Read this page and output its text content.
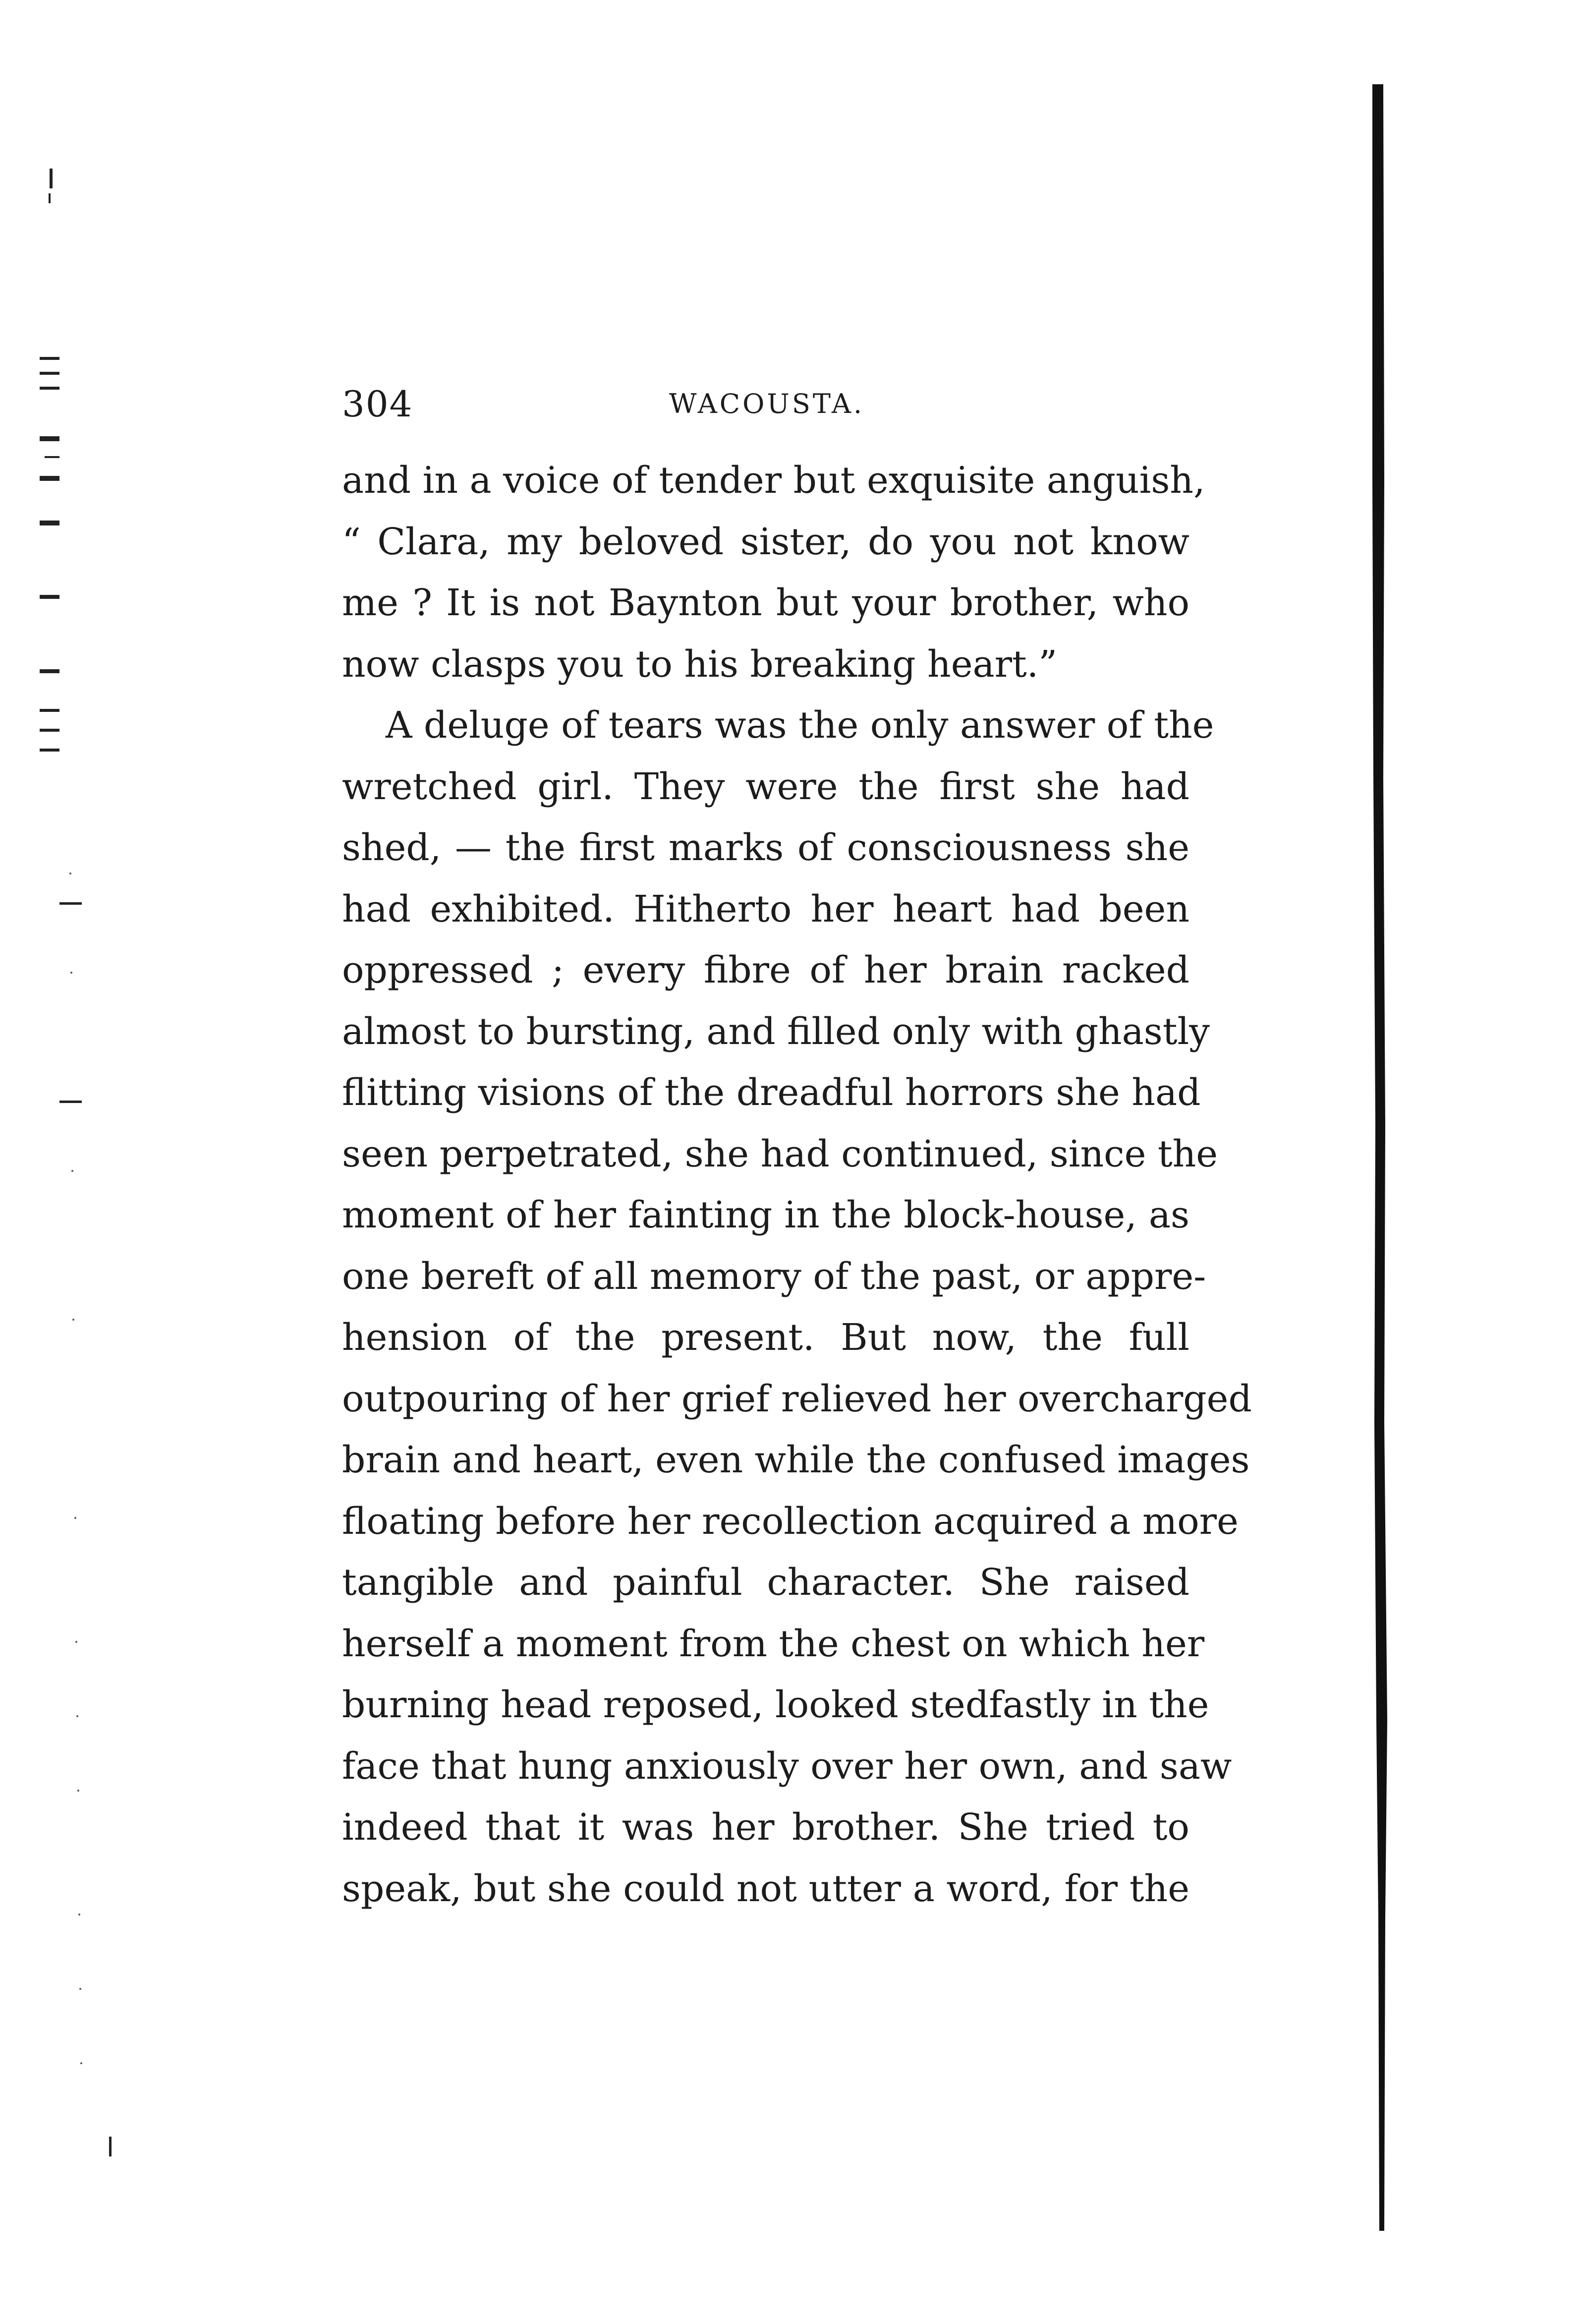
304	WACOUSTA.
and in a voice of tender but exquisite anguish,
“ Clara, my beloved sister, do you not know
me ? It is not Baynton but your brother, who
now clasps you to his breaking heart.”
A deluge of tears was the only answer of the
wretched girl. They were the first she had
shed, — the first marks of consciousness she
had exhibited. Hitherto her heart had been
oppressed ; every fibre of her brain racked
almost to bursting, and filled only with ghastly
flitting visions of the dreadful horrors she had
seen perpetrated, she had continued, since the
moment of her fainting in the block-house, as
one bereft of all memory of the past, or appre-
hension of the present. But now, the full
outpouring of her grief relieved her overcharged
brain and heart, even while the confused images
floating before her recollection acquired a more
tangible and painful character. She raised
herself a moment from the chest on which her
burning head reposed, looked stedfastly in the
face that hung anxiously over her own, and saw
indeed that it was her brother. She tried to
speak, but she could not utter a word, for the
